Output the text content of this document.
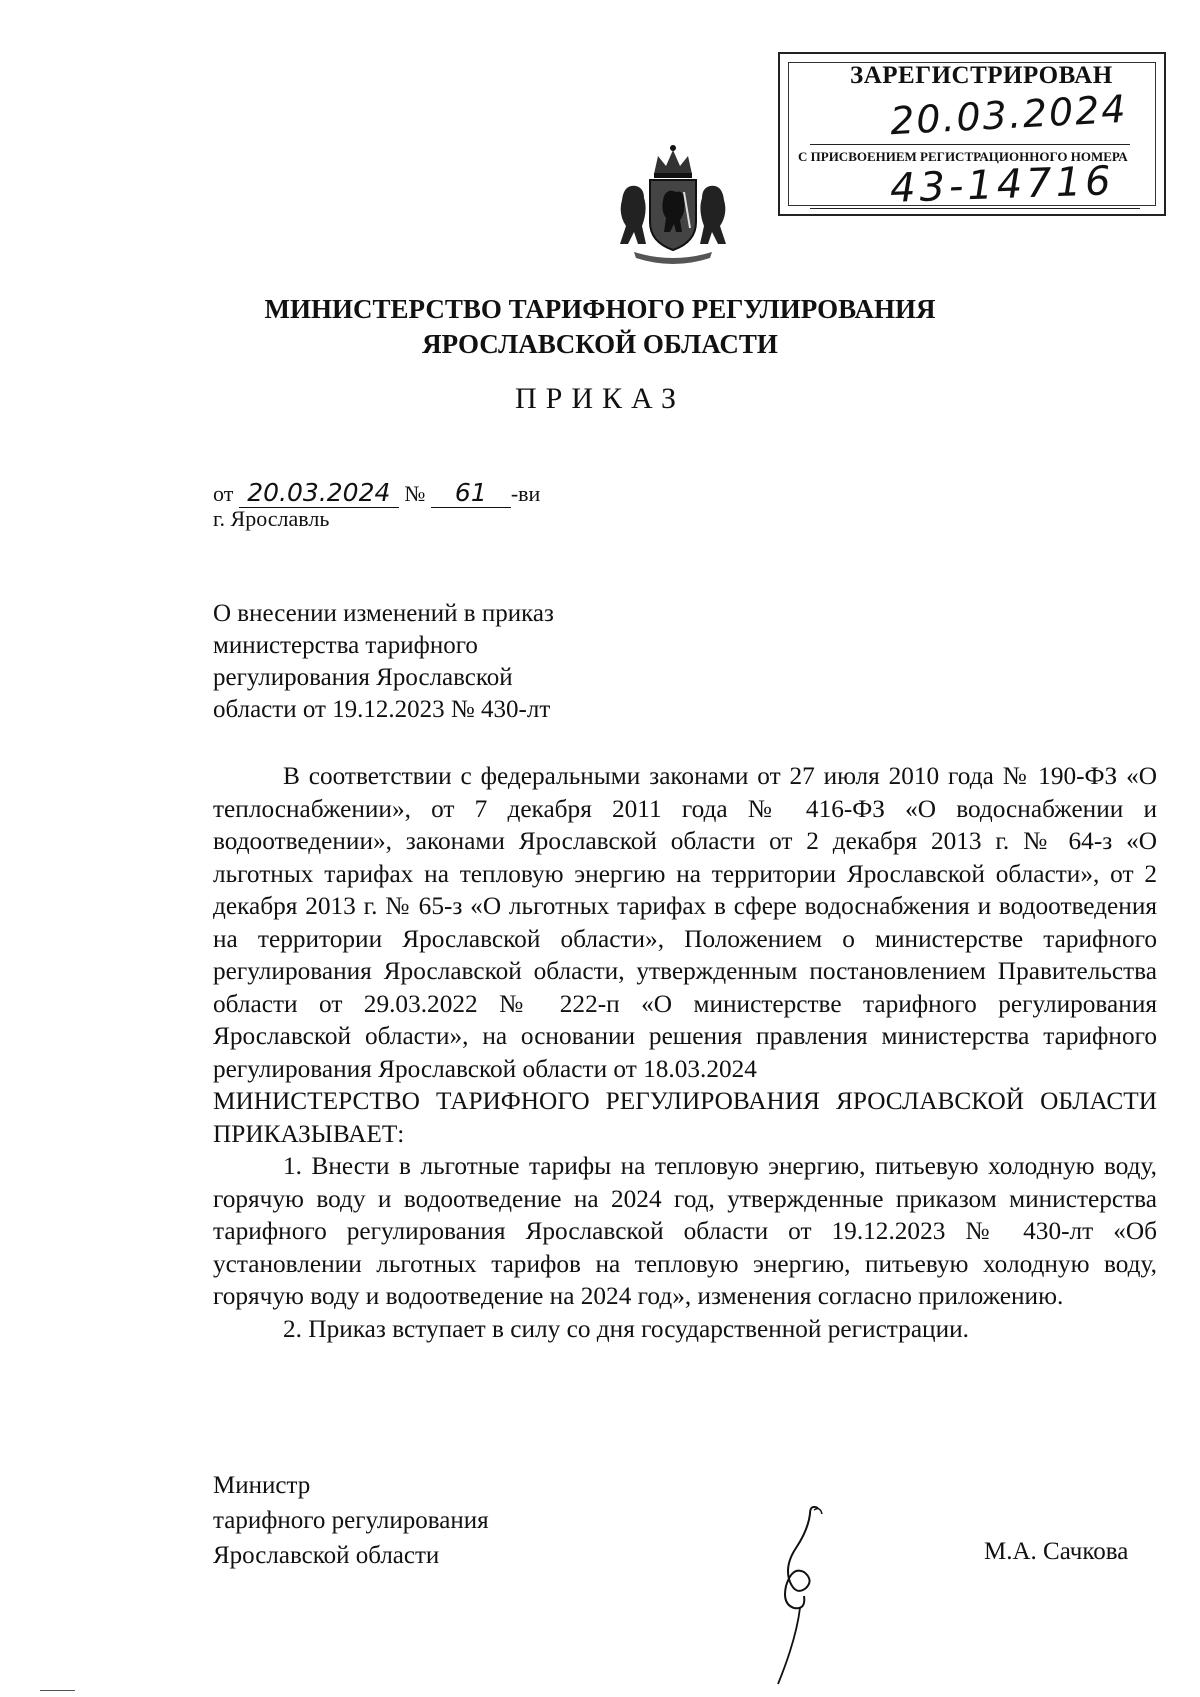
ЗАРЕГИСТРИРОВАН
20.03.2024
С ПРИСВОЕНИЕМ РЕГИСТРАЦИОННОГО НОМЕРА
43-14716
МИНИСТЕРСТВО ТАРИФНОГО РЕГУЛИРОВАНИЯ
ЯРОСЛАВСКОЙ ОБЛАСТИ
ПРИКАЗ
от 20.03.2024 № 61 -ви
г. Ярославль
О внесении изменений в приказ
министерства тарифного
регулирования Ярославской
области от 19.12.2023 № 430-лт

В соответствии с федеральными законами от 27 июля 2010 года № 190-ФЗ «О теплоснабжении», от 7 декабря 2011 года № 416-ФЗ «О водоснабжении и водоотведении», законами Ярославской области от 2 декабря 2013 г. № 64-з «О льготных тарифах на тепловую энергию на территории Ярославской области», от 2 декабря 2013 г. № 65-з «О льготных тарифах в сфере водоснабжения и водоотведения на территории Ярославской области», Положением о министерстве тарифного регулирования Ярославской области, утвержденным постановлением Правительства области от 29.03.2022 № 222-п «О министерстве тарифного регулирования Ярославской области», на основании решения правления министерства тарифного регулирования Ярославской области от 18.03.2024

МИНИСТЕРСТВО ТАРИФНОГО РЕГУЛИРОВАНИЯ ЯРОСЛАВСКОЙ ОБЛАСТИ ПРИКАЗЫВАЕТ:

1. Внести в льготные тарифы на тепловую энергию, питьевую холодную воду, горячую воду и водоотведение на 2024 год, утвержденные приказом министерства тарифного регулирования Ярославской области от 19.12.2023 № 430-лт «Об установлении льготных тарифов на тепловую энергию, питьевую холодную воду, горячую воду и водоотведение на 2024 год», изменения согласно приложению.

2. Приказ вступает в силу со дня государственной регистрации.

Министр
тарифного регулирования
Ярославской области	М.А. Сачкова
